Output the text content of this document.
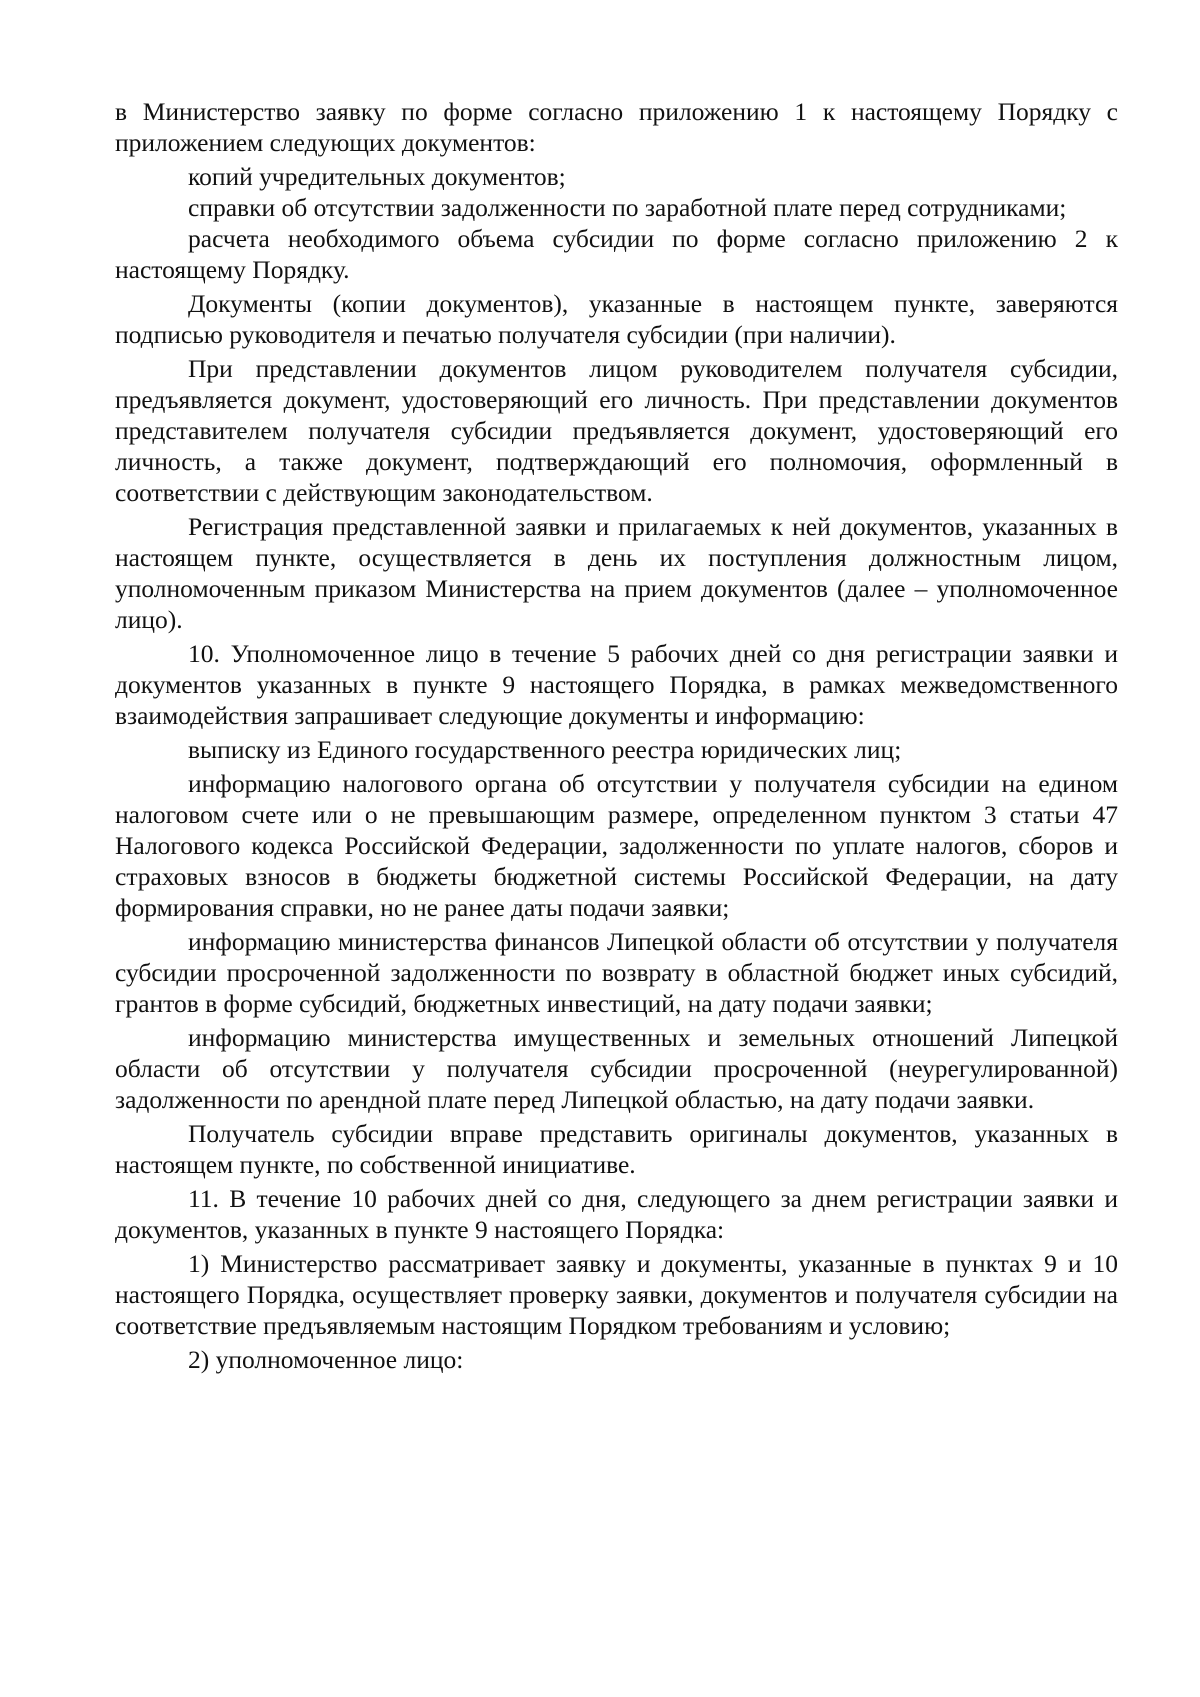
в Министерство заявку по форме согласно приложению 1 к настоящему Порядку с приложением следующих документов:

копий учредительных документов;

справки об отсутствии задолженности по заработной плате перед сотрудниками;

расчета необходимого объема субсидии по форме согласно приложению 2 к настоящему Порядку.

Документы (копии документов), указанные в настоящем пункте, заверяются подписью руководителя и печатью получателя субсидии (при наличии).

При представлении документов лицом руководителем получателя субсидии, предъявляется документ, удостоверяющий его личность. При представлении документов представителем получателя субсидии предъявляется документ, удостоверяющий его личность, а также документ, подтверждающий его полномочия, оформленный в соответствии с действующим законодательством.

Регистрация представленной заявки и прилагаемых к ней документов, указанных в настоящем пункте, осуществляется в день их поступления должностным лицом, уполномоченным приказом Министерства на прием документов (далее – уполномоченное лицо).

10. Уполномоченное лицо в течение 5 рабочих дней со дня регистрации заявки и документов указанных в пункте 9 настоящего Порядка, в рамках межведомственного взаимодействия запрашивает следующие документы и информацию:

выписку из Единого государственного реестра юридических лиц;

информацию налогового органа об отсутствии у получателя субсидии на едином налоговом счете или о не превышающим размере, определенном пунктом 3 статьи 47 Налогового кодекса Российской Федерации, задолженности по уплате налогов, сборов и страховых взносов в бюджеты бюджетной системы Российской Федерации, на дату формирования справки, но не ранее даты подачи заявки;

информацию министерства финансов Липецкой области об отсутствии у получателя субсидии просроченной задолженности по возврату в областной бюджет иных субсидий, грантов в форме субсидий, бюджетных инвестиций, на дату подачи заявки;

информацию министерства имущественных и земельных отношений Липецкой области об отсутствии у получателя субсидии просроченной (неурегулированной) задолженности по арендной плате перед Липецкой областью, на дату подачи заявки.

Получатель субсидии вправе представить оригиналы документов, указанных в настоящем пункте, по собственной инициативе.

11. В течение 10 рабочих дней со дня, следующего за днем регистрации заявки и документов, указанных в пункте 9 настоящего Порядка:

1) Министерство рассматривает заявку и документы, указанные в пунктах 9 и 10 настоящего Порядка, осуществляет проверку заявки, документов и получателя субсидии на соответствие предъявляемым настоящим Порядком требованиям и условию;

2) уполномоченное лицо:
